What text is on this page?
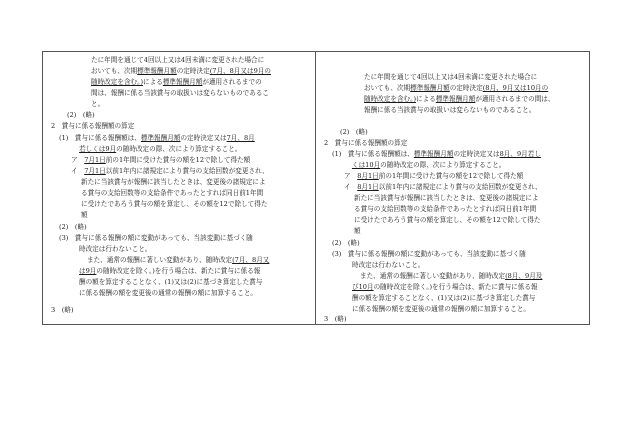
たに年間を通じて4回以上又は4回未満に変更された場合に
おいても、次期標準報酬月額の定時決定(7月、8月又は9月の
随時改定を含む。)による標準報酬月額が適用されるまでの
間は、報酬に係る当該賞与の取扱いは変らないものであるこ
と。
(2)　(略)
2　賞与に係る報酬額の算定
(1)　賞与に係る報酬額は、標準報酬月額の定時決定又は7月、8月
若しくは9月の随時改定の際、次により算定すること。
ア　7月1日前の1年間に受けた賞与の額を12で除して得た額
イ　7月1日以前1年内に諸規定により賞与の支給回数が変更され、
新たに当該賞与が報酬に該当したときは、変更後の諸規定によ
る賞与の支給回数等の支給条件であったとすれば同日前1年間
に受けたであろう賞与の額を算定し、その額を12で除して得た
額
(2)　(略)
(3)　賞与に係る報酬の額に変動があっても、当該変動に基づく随
時改定は行わないこと。
また、通常の報酬に著しい変動があり、随時改定(7月、8月又
は9月の随時改定を除く。)を行う場合は、新たに賞与に係る報
酬の額を算定することなく、(1)又は(2)に基づき算定した賞与
に係る報酬の額を変更後の通常の報酬の額に加算すること。
3　(略)
たに年間を通じて4回以上又は4回未満に変更された場合に
おいても、次期標準報酬月額の定時決定(8月、9月又は10月の
随時改定を含む。)による標準報酬月額が適用されるまでの間は、
報酬に係る当該賞与の取扱いは変らないものであること。
(2)　(略)
2　賞与に係る報酬額の算定
(1)　賞与に係る報酬額は、標準報酬月額の定時決定又は8月、9月若し
くは10月の随時改定の際、次により算定すること。
ア　8月1日前の1年間に受けた賞与の額を12で除して得た額
イ　8月1日以前1年内に諸規定により賞与の支給回数が変更され、
新たに当該賞与が報酬に該当したときは、変更後の諸規定によ
る賞与の支給回数等の支給条件であったとすれば同日前1年間
に受けたであろう賞与の額を算定し、その額を12で除して得た
額
(2)　(略)
(3)　賞与に係る報酬の額に変動があっても、当該変動に基づく随
時改定は行わないこと。
また、通常の報酬に著しい変動があり、随時改定(8月、9月及
び10月の随時改定を除く。)を行う場合は、新たに賞与に係る報
酬の額を算定することなく、(1)又は(2)に基づき算定した賞与
に係る報酬の額を変更後の通常の報酬の額に加算すること。
3　(略)
